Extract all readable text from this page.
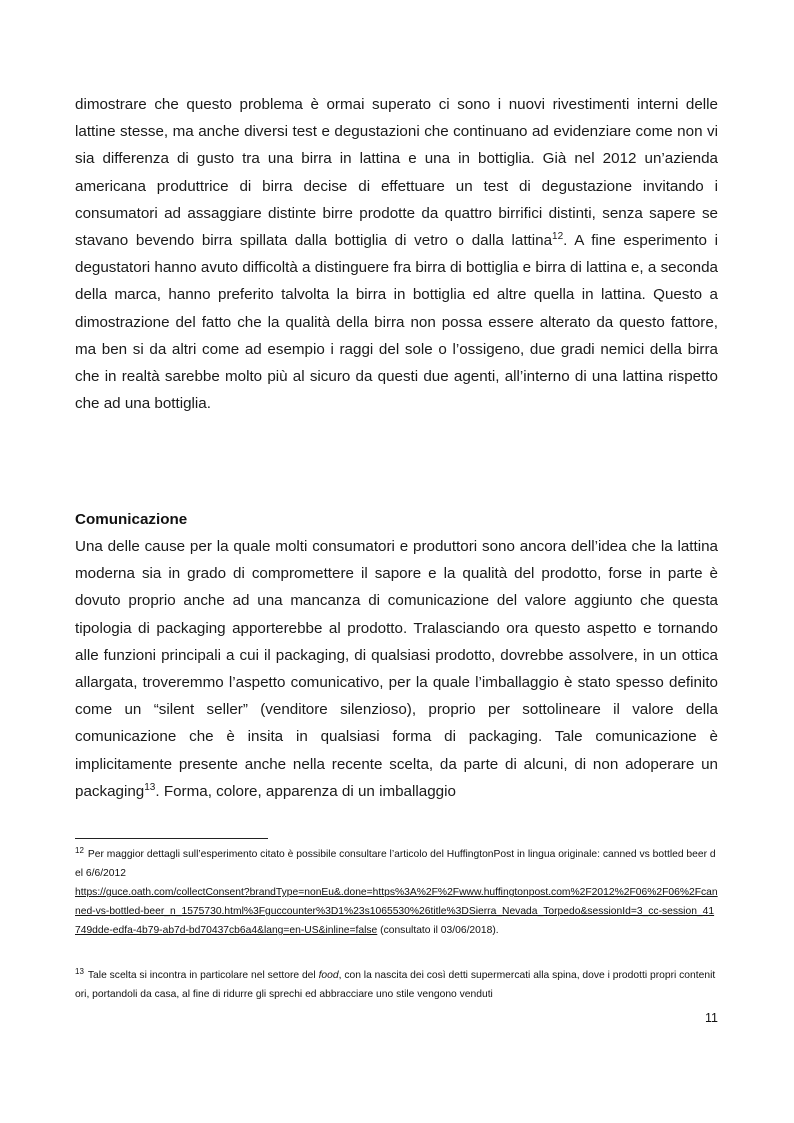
dimostrare che questo problema è ormai superato ci sono i nuovi rivestimenti interni delle lattine stesse, ma anche diversi test e degustazioni che continuano ad evidenziare come non vi sia differenza di gusto tra una birra in lattina e una in bottiglia. Già nel 2012 un’azienda americana produttrice di birra decise di effettuare un test di degustazione invitando i consumatori ad assaggiare distinte birre prodotte da quattro birrifici distinti, senza sapere se stavano bevendo birra spillata dalla bottiglia di vetro o dalla lattina$^{12}$. A fine esperimento i degustatori hanno avuto difficoltà a distinguere fra birra di bottiglia e birra di lattina e, a seconda della marca, hanno preferito talvolta la birra in bottiglia ed altre quella in lattina. Questo a dimostrazione del fatto che la qualità della birra non possa essere alterato da questo fattore, ma ben si da altri come ad esempio i raggi del sole o l’ossigeno, due gradi nemici della birra che in realtà sarebbe molto più al sicuro da questi due agenti, all’interno di una lattina rispetto che ad una bottiglia.

Comunicazione

Una delle cause per la quale molti consumatori e produttori sono ancora dell’idea che la lattina moderna sia in grado di compromettere il sapore e la qualità del prodotto, forse in parte è dovuto proprio anche ad una mancanza di comunicazione del valore aggiunto che questa tipologia di packaging apporterebbe al prodotto. Tralasciando ora questo aspetto e tornando alle funzioni principali a cui il packaging, di qualsiasi prodotto, dovrebbe assolvere, in un ottica allargata, troveremmo l’aspetto comunicativo, per la quale l’imballaggio è stato spesso definito come un “silent seller” (venditore silenzioso), proprio per sottolineare il valore della comunicazione che è insita in qualsiasi forma di packaging. Tale comunicazione è implicitamente presente anche nella recente scelta, da parte di alcuni, di non adoperare un packaging$^{13}$. Forma, colore, apparenza di un imballaggio

$^{12}$ Per maggior dettagli sull’esperimento citato è possibile consultare l’articolo del HuffingtonPost in lingua originale: canned vs bottled beer del 6/6/2012
https://guce.oath.com/collectConsent?brandType=nonEu&.done=https%3A%2F%2Fwww.huffingtonpost.com%2F2012%2F06%2F06%2Fcanned-vs-bottled-beer_n_1575730.html%3Fguccounter%3D1%23s1065530%26title%3DSierra_Nevada_Torpedo&sessionId=3_cc-session_41749dde-edfa-4b79-ab7d-bd70437cb6a4&lang=en-US&inline=false (consultato il 03/06/2018).

$^{13}$ Tale scelta si incontra in particolare nel settore del food, con la nascita dei così detti supermercati alla spina, dove i prodotti propri contenitori, portandoli da casa, al fine di ridurre gli sprechi ed abbracciare uno stile vengono venduti

11
